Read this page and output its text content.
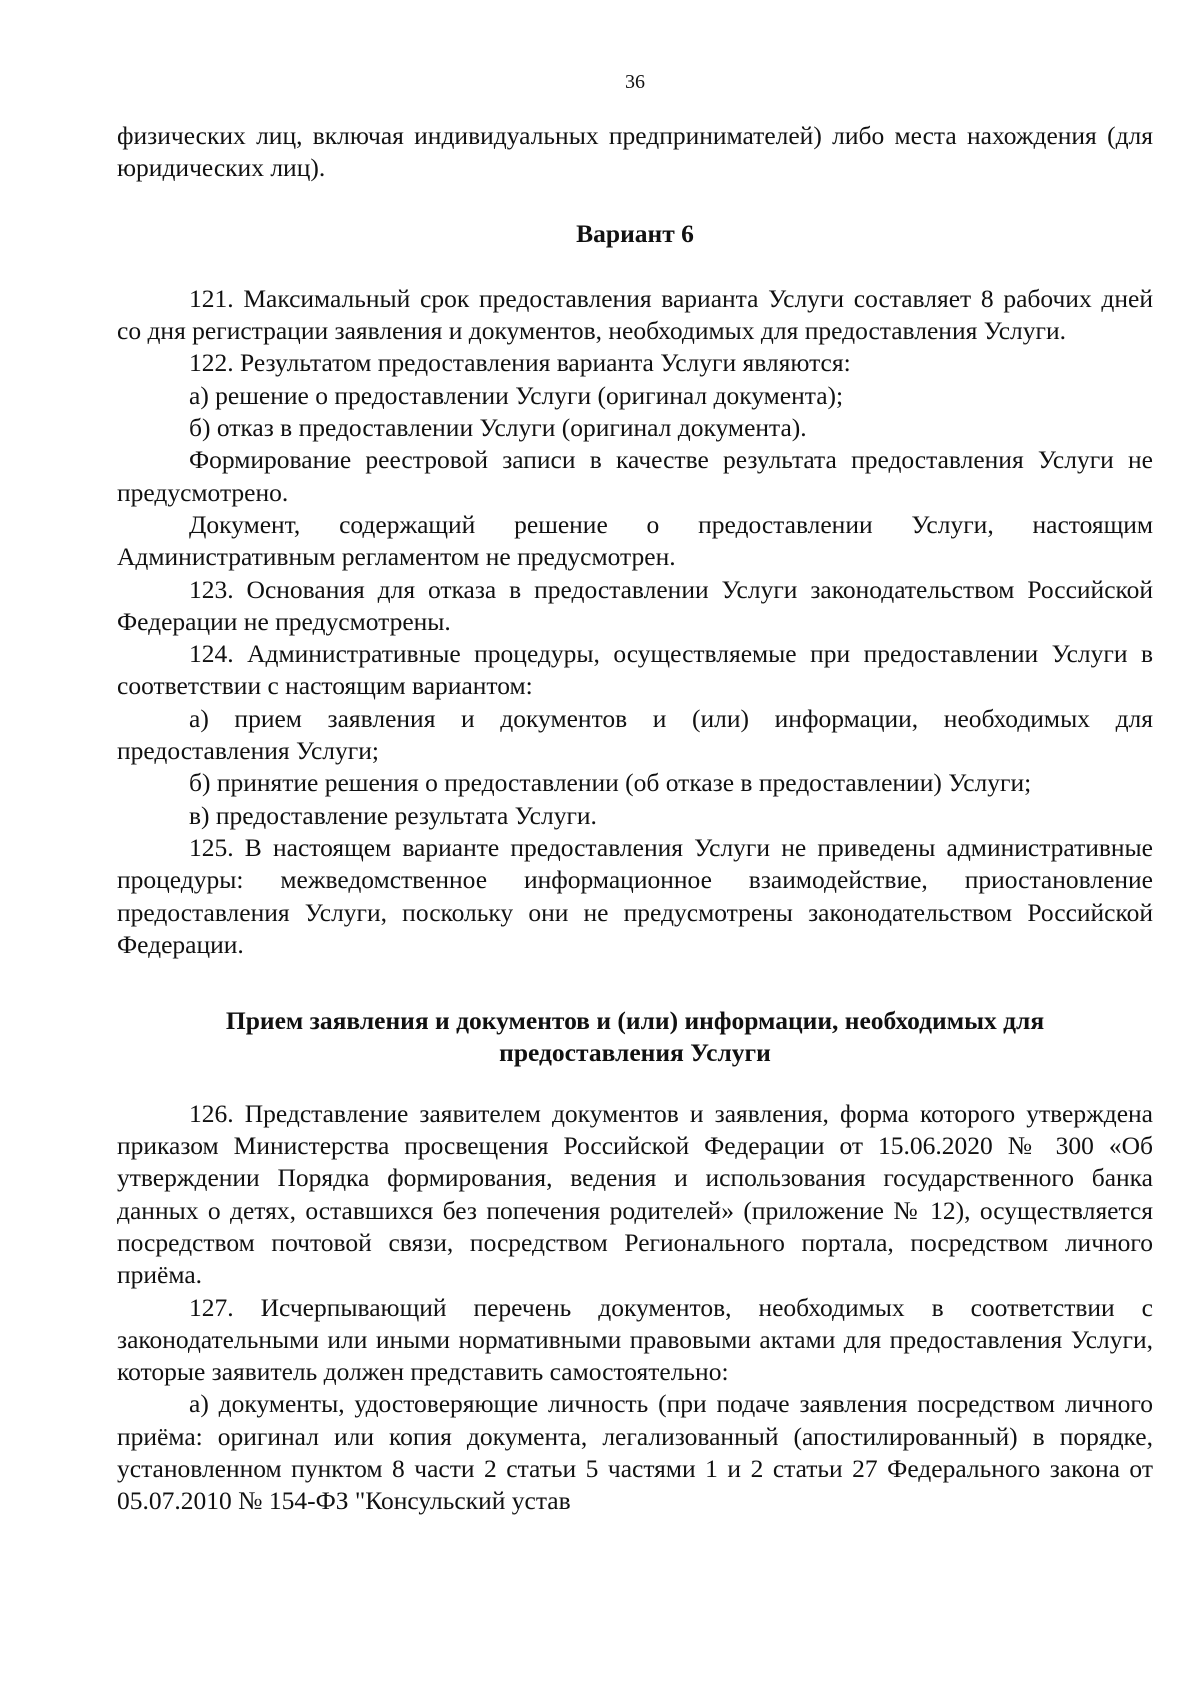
36

физических лиц, включая индивидуальных предпринимателей) либо места нахождения (для юридических лиц).

Вариант 6

121. Максимальный срок предоставления варианта Услуги составляет 8 рабочих дней со дня регистрации заявления и документов, необходимых для предоставления Услуги.

122. Результатом предоставления варианта Услуги являются:

а) решение о предоставлении Услуги (оригинал документа);

б) отказ в предоставлении Услуги (оригинал документа).

Формирование реестровой записи в качестве результата предоставления Услуги не предусмотрено.

Документ, содержащий решение о предоставлении Услуги, настоящим Административным регламентом не предусмотрен.

123. Основания для отказа в предоставлении Услуги законодательством Российской Федерации не предусмотрены.

124. Административные процедуры, осуществляемые при предоставлении Услуги в соответствии с настоящим вариантом:

а) прием заявления и документов и (или) информации, необходимых для предоставления Услуги;

б) принятие решения о предоставлении (об отказе в предоставлении) Услуги;

в) предоставление результата Услуги.

125. В настоящем варианте предоставления Услуги не приведены административные процедуры: межведомственное информационное взаимодействие, приостановление предоставления Услуги, поскольку они не предусмотрены законодательством Российской Федерации.

Прием заявления и документов и (или) информации, необходимых для
предоставления Услуги

126. Представление заявителем документов и заявления, форма которого утверждена приказом Министерства просвещения Российской Федерации от 15.06.2020 № 300 «Об утверждении Порядка формирования, ведения и использования государственного банка данных о детях, оставшихся без попечения родителей» (приложение № 12), осуществляется посредством почтовой связи, посредством Регионального портала, посредством личного приёма.

127. Исчерпывающий перечень документов, необходимых в соответствии с законодательными или иными нормативными правовыми актами для предоставления Услуги, которые заявитель должен представить самостоятельно:

а) документы, удостоверяющие личность (при подаче заявления посредством личного приёма: оригинал или копия документа, легализованный (апостилированный) в порядке, установленном пунктом 8 части 2 статьи 5 частями 1 и 2 статьи 27 Федерального закона от 05.07.2010 № 154-ФЗ "Консульский устав
